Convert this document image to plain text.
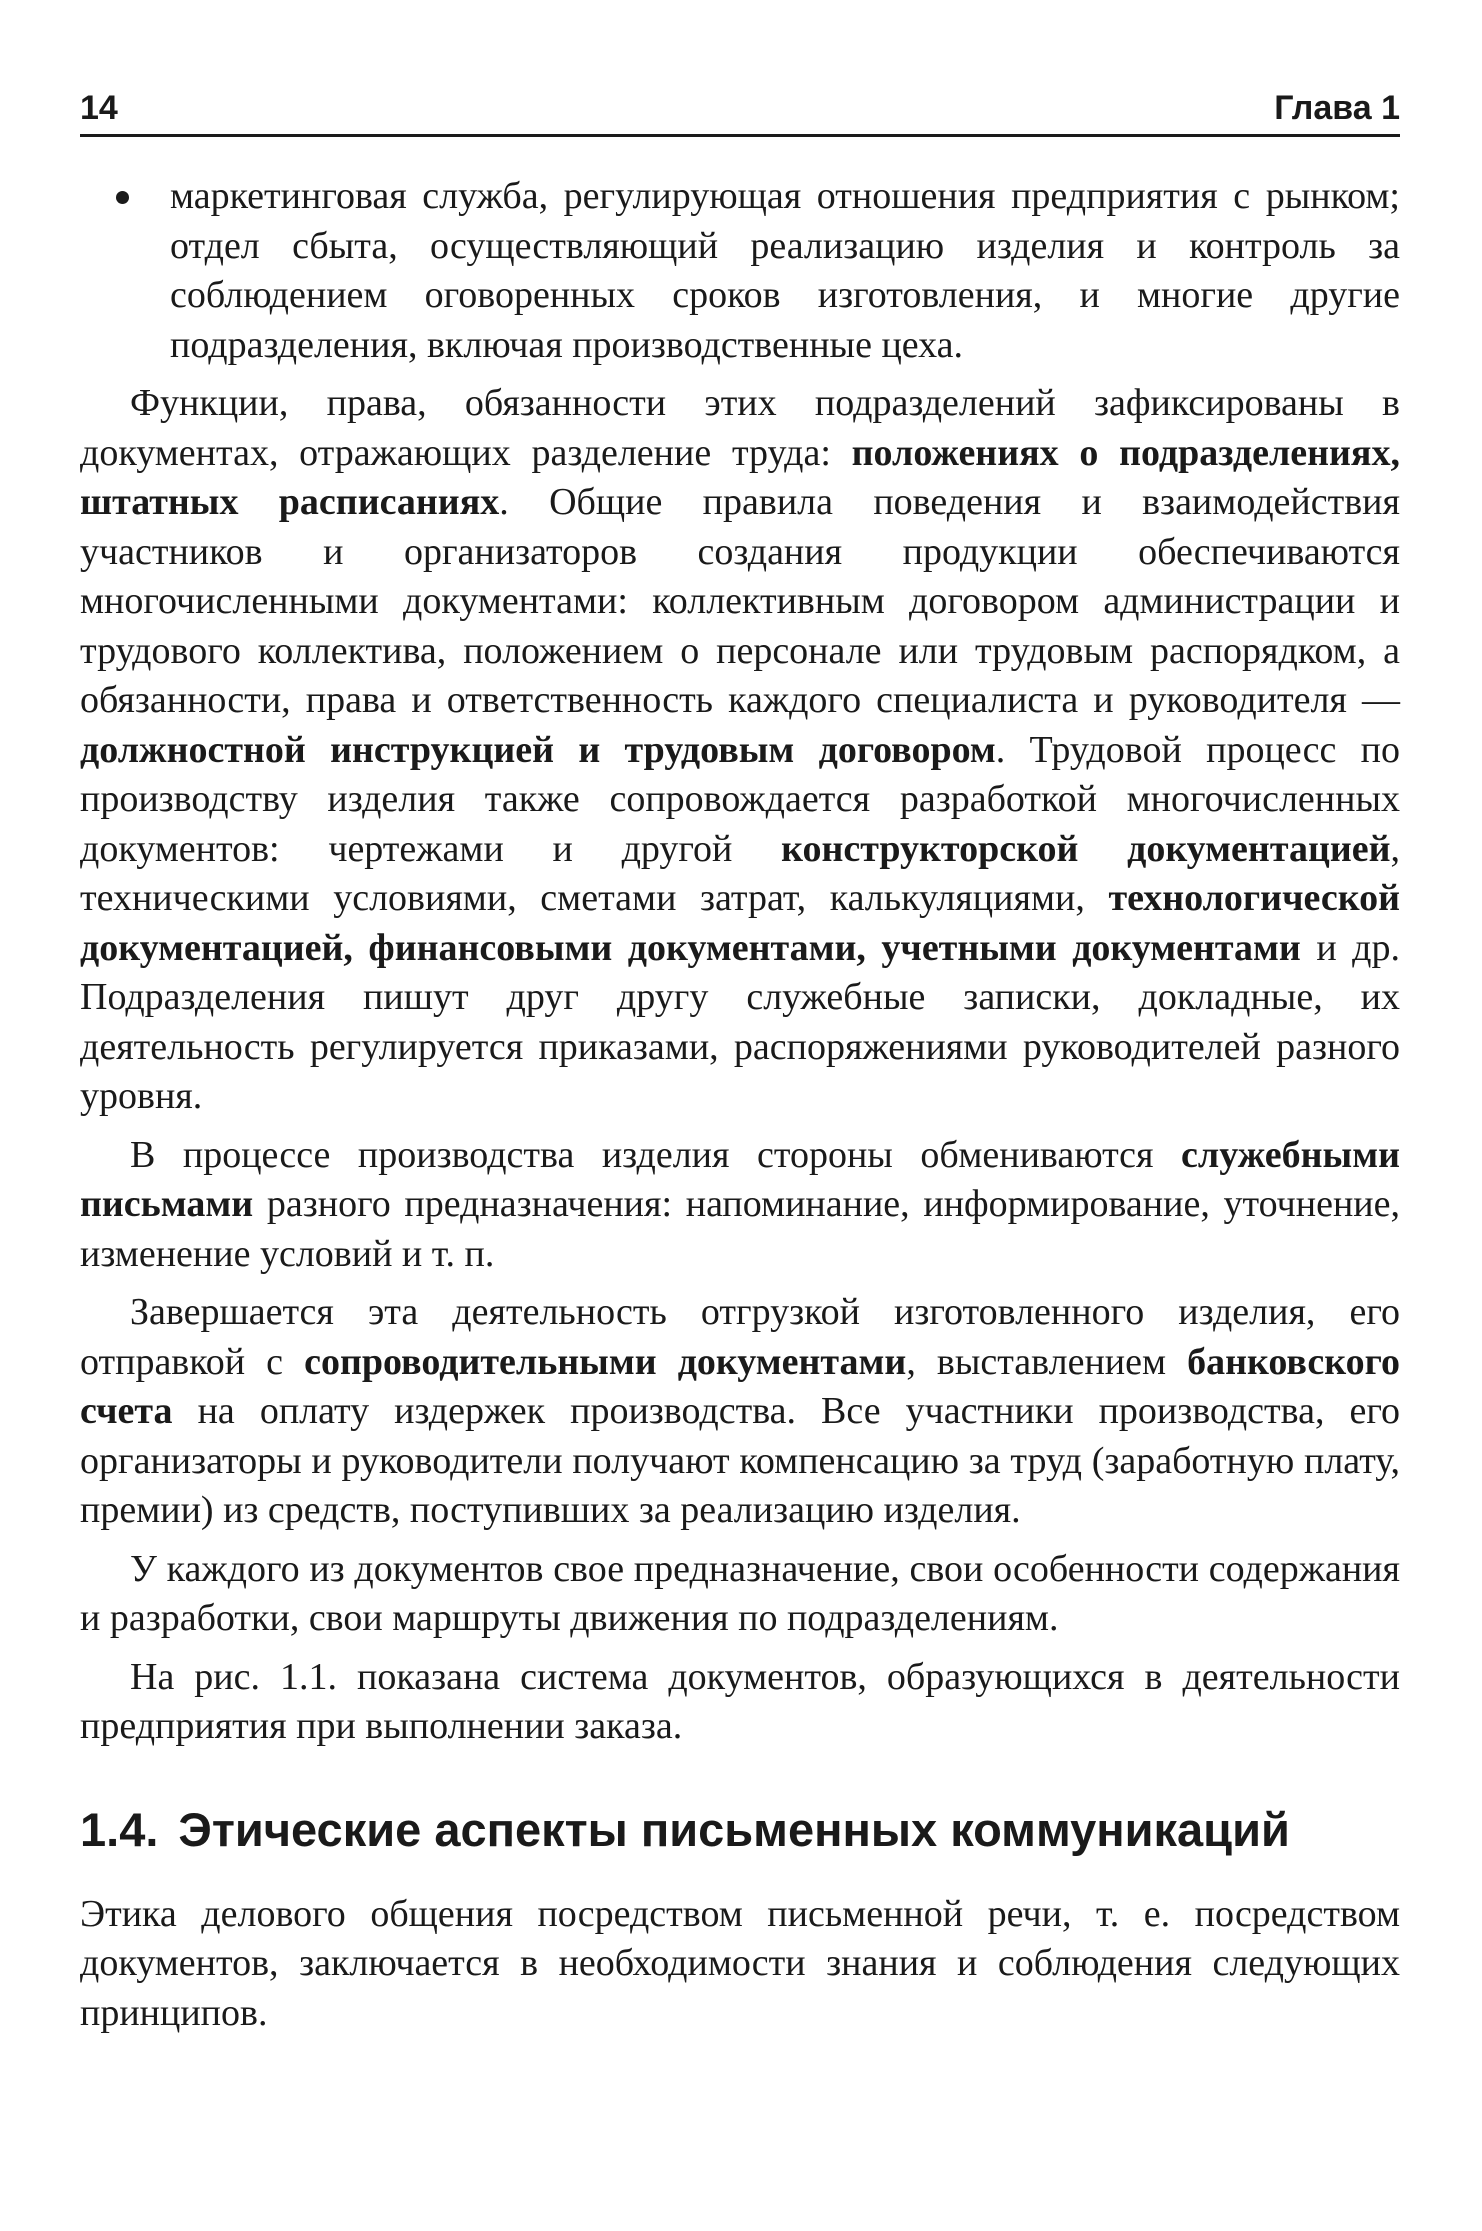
14	Глава 1
маркетинговая служба, регулирующая отношения предприятия с рынком; отдел сбыта, осуществляющий реализацию изделия и контроль за соблюдением оговоренных сроков изготовления, и многие другие подразделения, включая производственные цеха.

Функции, права, обязанности этих подразделений зафиксированы в документах, отражающих разделение труда: положениях о подразделениях, штатных расписаниях. Общие правила поведения и взаимодействия участников и организаторов создания продукции обеспечиваются многочисленными документами: коллективным договором администрации и трудового коллектива, положением о персонале или трудовым распорядком, а обязанности, права и ответственность каждого специалиста и руководителя — должностной инструкцией и трудовым договором. Трудовой процесс по производству изделия также сопровождается разработкой многочисленных документов: чертежами и другой конструкторской документацией, техническими условиями, сметами затрат, калькуляциями, технологической документацией, финансовыми документами, учетными документами и др. Подразделения пишут друг другу служебные записки, докладные, их деятельность регулируется приказами, распоряжениями руководителей разного уровня.

В процессе производства изделия стороны обмениваются служебными письмами разного предназначения: напоминание, информирование, уточнение, изменение условий и т. п.

Завершается эта деятельность отгрузкой изготовленного изделия, его отправкой с сопроводительными документами, выставлением банковского счета на оплату издержек производства. Все участники производства, его организаторы и руководители получают компенсацию за труд (заработную плату, премии) из средств, поступивших за реализацию изделия.

У каждого из документов свое предназначение, свои особенности содержания и разработки, свои маршруты движения по подразделениям.

На рис. 1.1. показана система документов, образующихся в деятельности предприятия при выполнении заказа.

1.4. Этические аспекты письменных коммуникаций

Этика делового общения посредством письменной речи, т. е. посредством документов, заключается в необходимости знания и соблюдения следующих принципов.
